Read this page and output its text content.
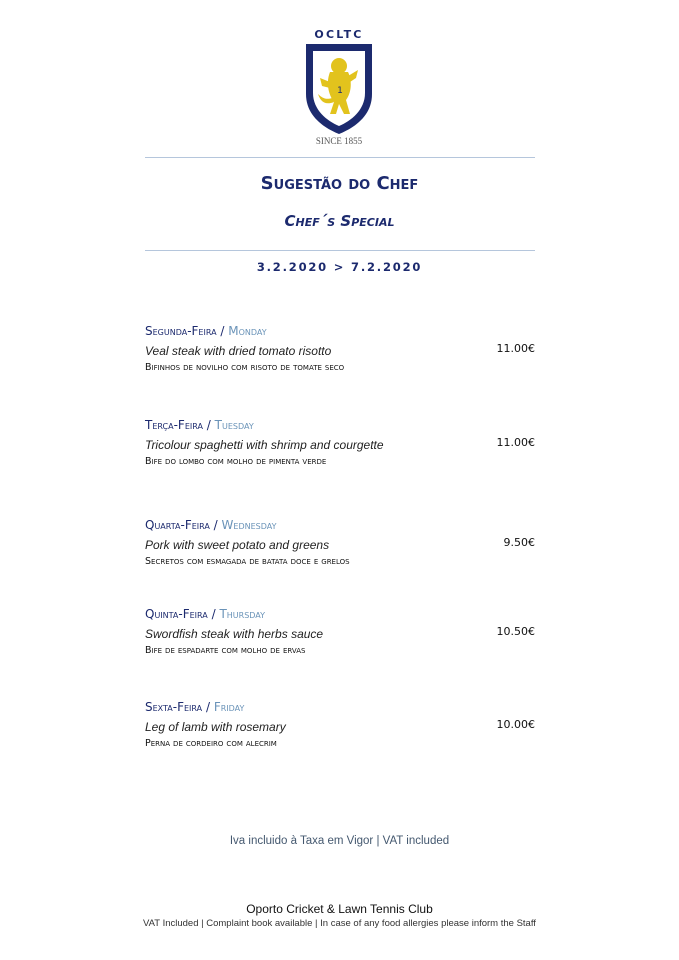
OCLTC
1
SINCE 1855
Sugestão do Chef
Chef´s Special
3.2.2020 > 7.2.2020
Segunda-Feira / Monday
Veal steak with dried tomato risotto	11.00€
Bifinhos de novilho com risoto de tomate seco
Terça-Feira / Tuesday
Tricolour spaghetti with shrimp and courgette	11.00€
Bife do lombo com molho de pimenta verde
Quarta-Feira / Wednesday
Pork with sweet potato and greens	9.50€
Secretos com esmagada de batata doce e grelos
Quinta-Feira / Thursday
Swordfish steak with herbs sauce	10.50€
Bife de espadarte com molho de ervas
Sexta-Feira / Friday
Leg of lamb with rosemary	10.00€
Perna de cordeiro com alecrim
Iva incluido à Taxa em Vigor | VAT included
Oporto Cricket & Lawn Tennis Club
VAT Included | Complaint book available | In case of any food allergies please inform the Staff
